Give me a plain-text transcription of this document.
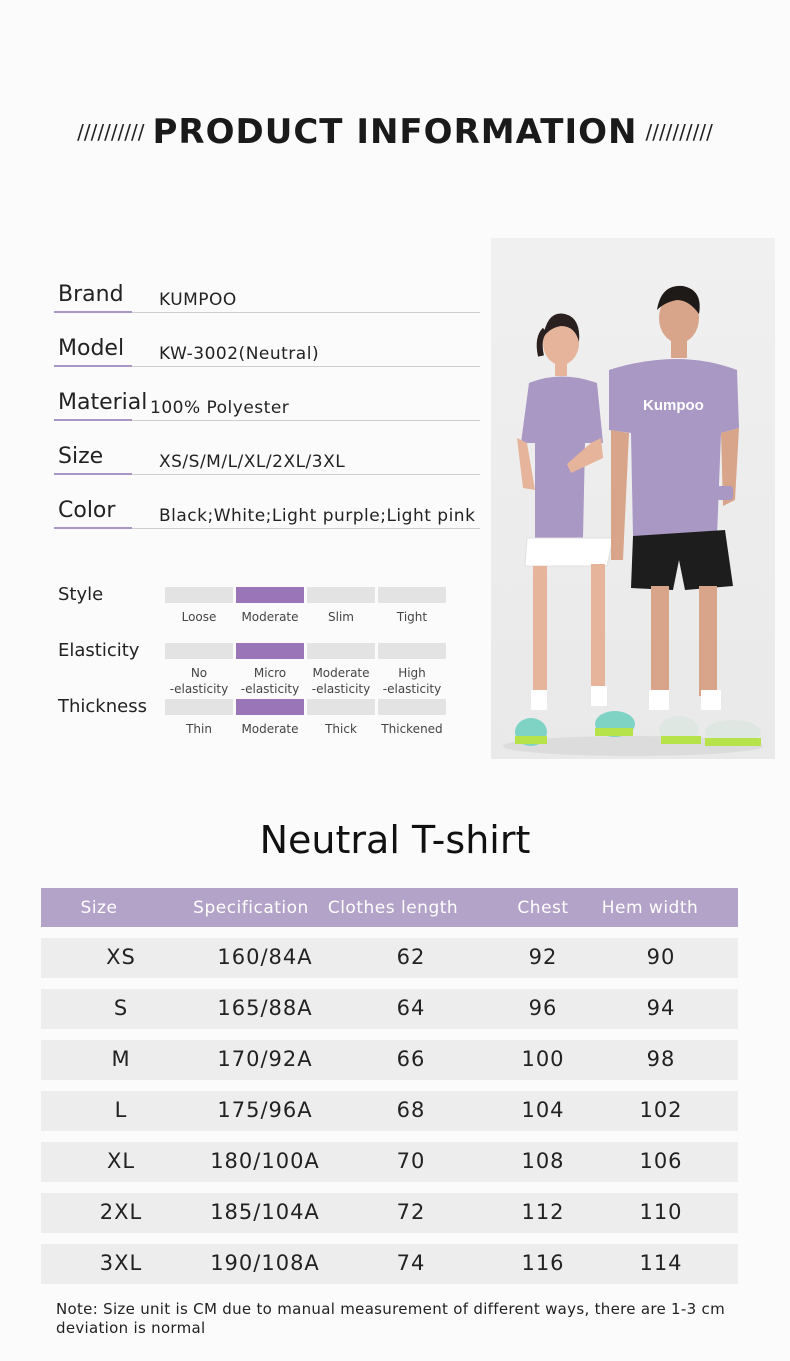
////////// PRODUCT INFORMATION //////////
Brand KUMPOO
Model KW-3002(Neutral)
Material 100% Polyester
Size	XS/S/M/L/XL/2XL/3XL
Color	Black;White;Light purple;Light pink
Style
Loose	Moderate	Slim	Tight
Elasticity
No
-elasticity
Micro
-elasticity
Moderate
-elasticity
High
-elasticity
Thickness
Thin	Moderate	Thick	Thickened
Kumpoo
Neutral T-shirt
Size	Specification	Clothes length	Chest	Hem width
XS	160/84A	62	92	90
S	165/88A	64	96	94
M	170/92A	66	100	98
L	175/96A	68	104	102
XL	180/100A	70	108	106
2XL	185/104A	72	112	110
3XL	190/108A	74	116	114
Note: Size unit is CM due to manual measurement of different ways, there are 1-3 cm deviation is normal
